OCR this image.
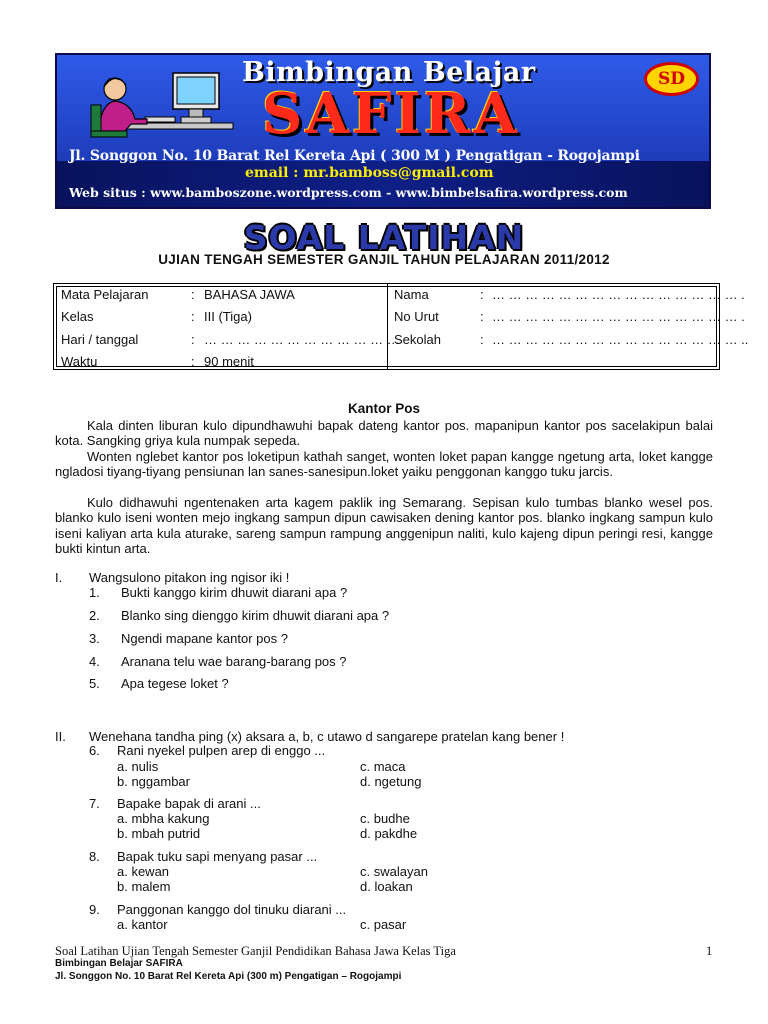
Bimbingan Belajar
SAFIRA
SD
Jl. Songgon No. 10 Barat Rel Kereta Api ( 300 M ) Pengatigan - Rogojampi
email : mr.bamboss@gmail.com
Web situs : www.bamboszone.wordpress.com - www.bimbelsafira.wordpress.com
SOAL LATIHAN
UJIAN TENGAH SEMESTER GANJIL TAHUN PELAJARAN 2011/2012
Mata Pelajaran	: BAHASA JAWA
Kelas	: III (Tiga)
Hari / tanggal	: … … … … … … … … … … … …
Waktu	: 90 menit
Nama	: … … … … … … … … … … … … … … … .
No Urut	: … … … … … … … … … … … … … … … .
Sekolah	: … … … … … … … … … … … … … … … ..
Kantor Pos
Kala dinten liburan kulo dipundhawuhi bapak dateng kantor pos. mapanipun kantor pos sacelakipun balai kota. Sangking griya kula numpak sepeda.
Wonten nglebet kantor pos loketipun kathah sanget, wonten loket papan kangge ngetung arta, loket kangge ngladosi tiyang-tiyang pensiunan lan sanes-sanesipun.loket yaiku penggonan kanggo tuku jarcis.
Kulo didhawuhi ngentenaken arta kagem paklik ing Semarang. Sepisan kulo tumbas blanko wesel pos. blanko kulo iseni wonten mejo ingkang sampun dipun cawisaken dening kantor pos. blanko ingkang sampun kulo iseni kaliyan arta kula aturake, sareng sampun rampung anggenipun naliti, kulo kajeng dipun peringi resi, kangge bukti kintun arta.
I. Wangsulono pitakon ing ngisor iki !
1. Bukti kanggo kirim dhuwit diarani apa ?
2. Blanko sing dienggo kirim dhuwit diarani apa ?
3. Ngendi mapane kantor pos ?
4. Aranana telu wae barang-barang pos ?
5. Apa tegese loket ?
II. Wenehana tandha ping (x) aksara a, b, c utawo d sangarepe pratelan kang bener !
6. Rani nyekel pulpen arep di enggo ...
a. nulis	c. maca
b. nggambar	d. ngetung
7. Bapake bapak di arani ...
a. mbha kakung	c. budhe
b. mbah putrid	d. pakdhe
8. Bapak tuku sapi menyang pasar ...
a. kewan	c. swalayan
b. malem	d. loakan
9. Panggonan kanggo dol tinuku diarani ...
a. kantor	c. pasar
Soal Latihan Ujian Tengah Semester Ganjil Pendidikan Bahasa Jawa Kelas Tiga	1
Bimbingan Belajar SAFIRA
Jl. Songgon No. 10 Barat Rel Kereta Api (300 m) Pengatigan – Rogojampi
